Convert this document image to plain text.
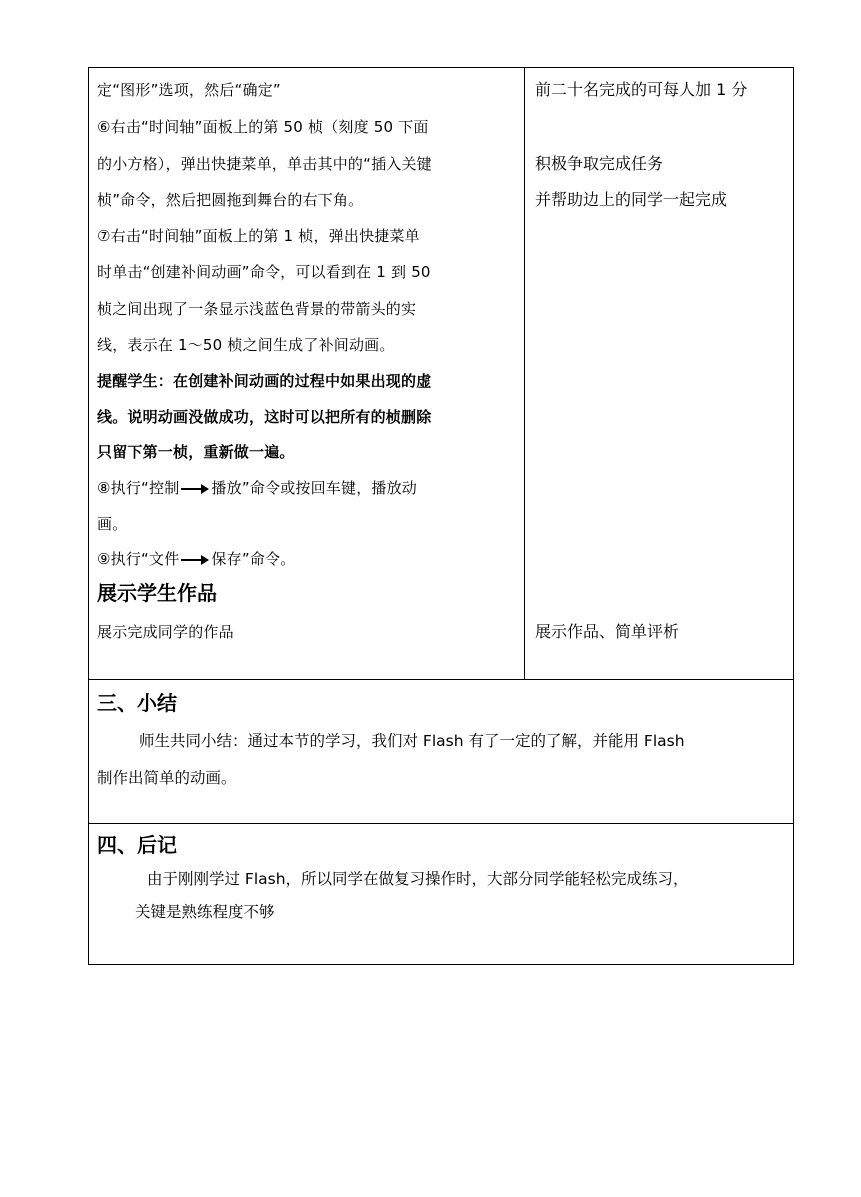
定“图形”选项，然后“确定”
⑥右击“时间轴”面板上的第 50 桢（刻度 50 下面
的小方格），弹出快捷菜单，单击其中的“插入关键
桢”命令，然后把圆拖到舞台的右下角。
⑦右击“时间轴”面板上的第 1 桢，弹出快捷菜单
时单击“创建补间动画”命令，可以看到在 1 到 50
桢之间出现了一条显示浅蓝色背景的带箭头的实
线，表示在 1～50 桢之间生成了补间动画。
提醒学生：在创建补间动画的过程中如果出现的虚
线。说明动画没做成功，这时可以把所有的桢删除
只留下第一桢，重新做一遍。
⑧执行“控制 播放”命令或按回车键，播放动
画。
⑨执行“文件 保存”命令。
展示学生作品
展示完成同学的作品
前二十名完成的可每人加 1 分
积极争取完成任务
并帮助边上的同学一起完成
展示作品、简单评析
三、小结
师生共同小结：通过本节的学习，我们对 Flash 有了一定的了解，并能用 Flash
制作出简单的动画。
四、后记
由于刚刚学过 Flash，所以同学在做复习操作时，大部分同学能轻松完成练习，
关键是熟练程度不够
